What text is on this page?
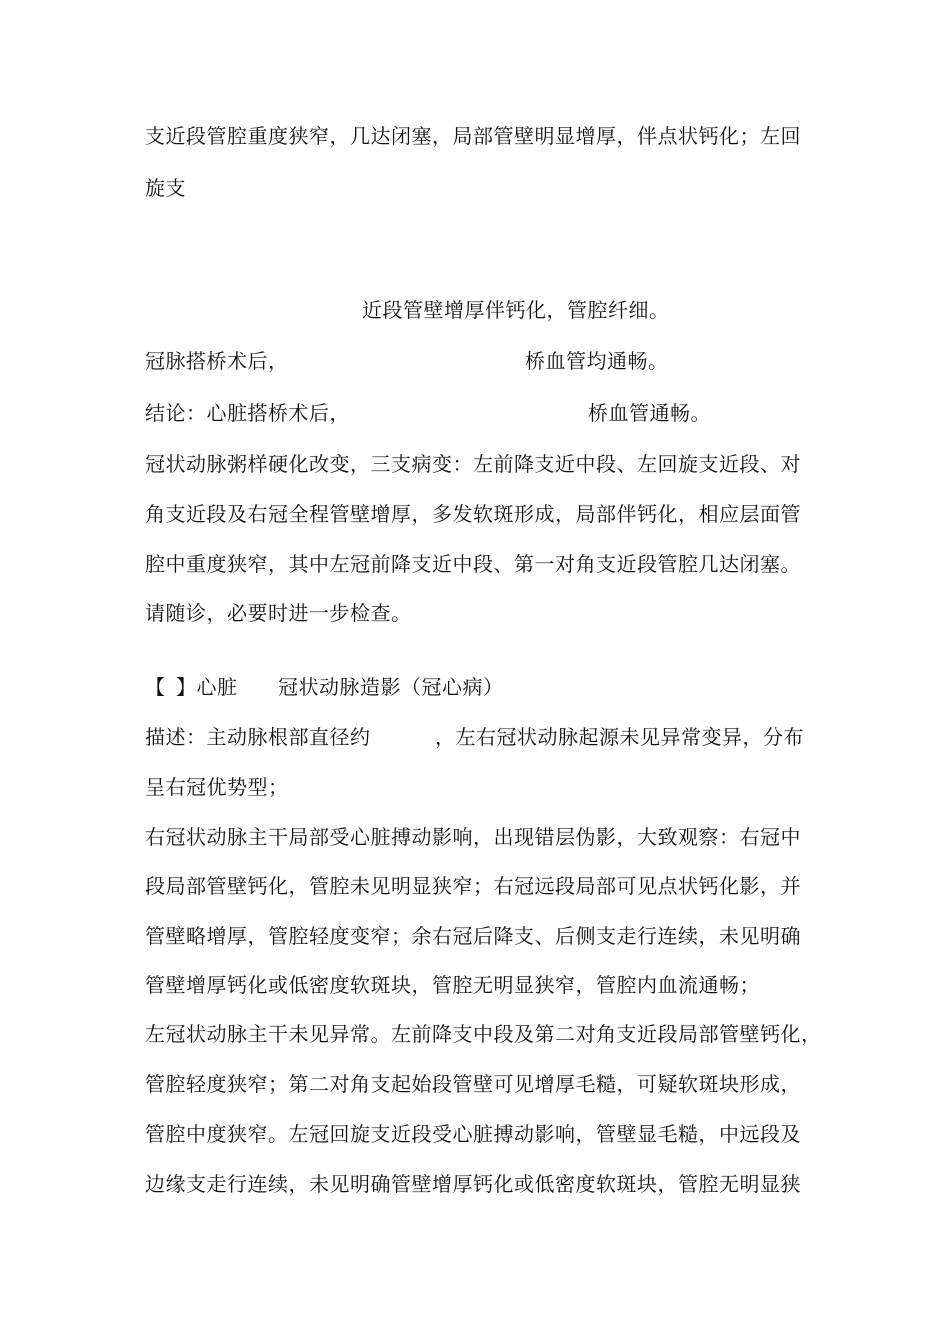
支近段管腔重度狭窄，几达闭塞，局部管壁明显增厚，伴点状钙化；左回
旋支
近段管壁增厚伴钙化，管腔纤细。
冠脉搭桥术后，	桥血管均通畅。
结论：心脏搭桥术后，	桥血管通畅。
冠状动脉粥样硬化改变，三支病变：左前降支近中段、左回旋支近段、对
角支近段及右冠全程管壁增厚，多发软斑形成，局部伴钙化，相应层面管
腔中重度狭窄，其中左冠前降支近中段、第一对角支近段管腔几达闭塞。
请随诊，必要时进一步检查。
【 】心脏 冠状动脉造影（冠心病）
描述：主动脉根部直径约	，左右冠状动脉起源未见异常变异，分布
呈右冠优势型；
右冠状动脉主干局部受心脏搏动影响，出现错层伪影，大致观察：右冠中
段局部管壁钙化，管腔未见明显狭窄；右冠远段局部可见点状钙化影，并
管壁略增厚，管腔轻度变窄；余右冠后降支、后侧支走行连续，未见明确
管壁增厚钙化或低密度软斑块，管腔无明显狭窄，管腔内血流通畅；
左冠状动脉主干未见异常。左前降支中段及第二对角支近段局部管壁钙化，
管腔轻度狭窄；第二对角支起始段管壁可见增厚毛糙，可疑软斑块形成，
管腔中度狭窄。左冠回旋支近段受心脏搏动影响，管壁显毛糙，中远段及
边缘支走行连续，未见明确管壁增厚钙化或低密度软斑块，管腔无明显狭
